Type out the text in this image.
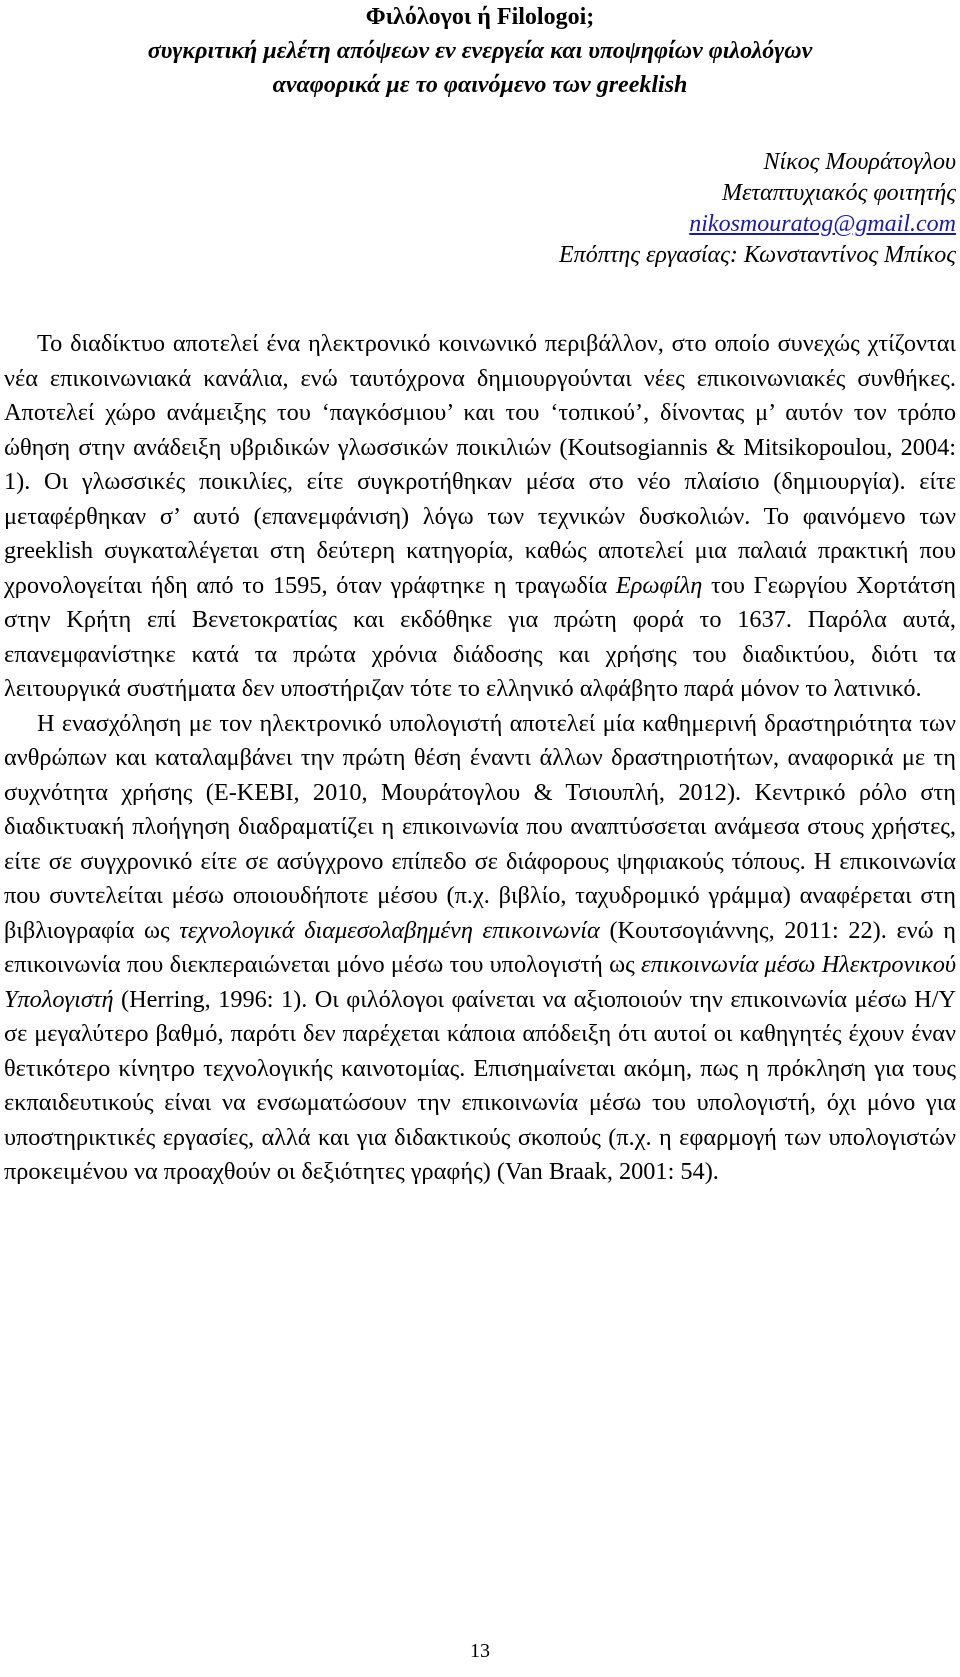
Φιλόλογοι ή Filologoi;
συγκριτική μελέτη απόψεων εν ενεργεία και υποψηφίων φιλολόγων
αναφορικά με το φαινόμενο των greeklish
Νίκος Μουράτογλου
Μεταπτυχιακός φοιτητής
nikosmouratog@gmail.com
Επόπτης εργασίας: Κωνσταντίνος Μπίκος

Το διαδίκτυο αποτελεί ένα ηλεκτρονικό κοινωνικό περιβάλλον, στο οποίο συνεχώς χτίζονται νέα επικοινωνιακά κανάλια, ενώ ταυτόχρονα δημιουργούνται νέες επικοινωνιακές συνθήκες. Αποτελεί χώρο ανάμειξης του ‘παγκόσμιου’ και του ‘τοπικού’, δίνοντας μ’ αυτόν τον τρόπο ώθηση στην ανάδειξη υβριδικών γλωσσικών ποικιλιών (Koutsogiannis & Mitsikopoulou, 2004: 1). Οι γλωσσικές ποικιλίες, είτε συγκροτήθηκαν μέσα στο νέο πλαίσιο (δημιουργία). είτε μεταφέρθηκαν σ’ αυτό (επανεμφάνιση) λόγω των τεχνικών δυσκολιών. Το φαινόμενο των greeklish συγκαταλέγεται στη δεύτερη κατηγορία, καθώς αποτελεί μια παλαιά πρακτική που χρονολογείται ήδη από το 1595, όταν γράφτηκε η τραγωδία Ερωφίλη του Γεωργίου Χορτάτση στην Κρήτη επί Βενετοκρατίας και εκδόθηκε για πρώτη φορά το 1637. Παρόλα αυτά, επανεμφανίστηκε κατά τα πρώτα χρόνια διάδοσης και χρήσης του διαδικτύου, διότι τα λειτουργικά συστήματα δεν υποστήριζαν τότε το ελληνικό αλφάβητο παρά μόνον το λατινικό.

Η ενασχόληση με τον ηλεκτρονικό υπολογιστή αποτελεί μία καθημερινή δραστηριότητα των ανθρώπων και καταλαμβάνει την πρώτη θέση έναντι άλλων δραστηριοτήτων, αναφορικά με τη συχνότητα χρήσης (Ε-ΚΕΒΙ, 2010, Μουράτογλου & Τσιουπλή, 2012). Κεντρικό ρόλο στη διαδικτυακή πλοήγηση διαδραματίζει η επικοινωνία που αναπτύσσεται ανάμεσα στους χρήστες, είτε σε συγχρονικό είτε σε ασύγχρονο επίπεδο σε διάφορους ψηφιακούς τόπους. Η επικοινωνία που συντελείται μέσω οποιουδήποτε μέσου (π.χ. βιβλίο, ταχυδρομικό γράμμα) αναφέρεται στη βιβλιογραφία ως τεχνολογικά διαμεσολαβημένη επικοινωνία (Κουτσογιάννης, 2011: 22). ενώ η επικοινωνία που διεκπεραιώνεται μόνο μέσω του υπολογιστή ως επικοινωνία μέσω Ηλεκτρονικού Υπολογιστή (Herring, 1996: 1). Οι φιλόλογοι φαίνεται να αξιοποιούν την επικοινωνία μέσω Η/Υ σε μεγαλύτερο βαθμό, παρότι δεν παρέχεται κάποια απόδειξη ότι αυτοί οι καθηγητές έχουν έναν θετικότερο κίνητρο τεχνολογικής καινοτομίας. Επισημαίνεται ακόμη, πως η πρόκληση για τους εκπαιδευτικούς είναι να ενσωματώσουν την επικοινωνία μέσω του υπολογιστή, όχι μόνο για υποστηρικτικές εργασίες, αλλά και για διδακτικούς σκοπούς (π.χ. η εφαρμογή των υπολογιστών προκειμένου να προαχθούν οι δεξιότητες γραφής) (Van Braak, 2001: 54).

13
